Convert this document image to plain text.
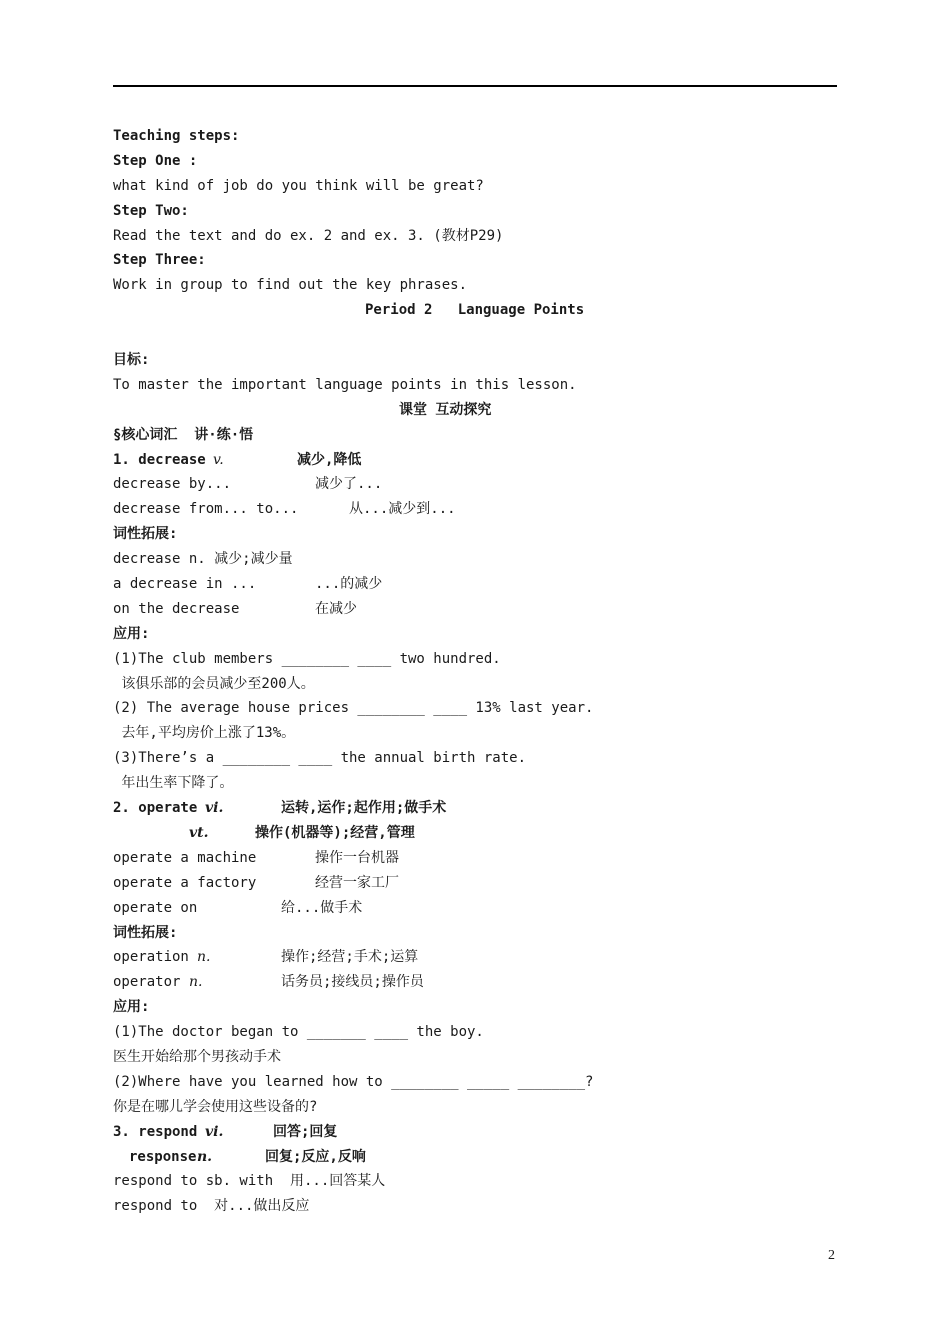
Teaching steps:
Step One :
what kind of job do you think will be great?
Step Two:
Read the text and do ex. 2 and ex. 3. (教材P29)
Step Three:
Work in group to find out the key phrases.
Period 2   Language Points
目标:
To master the important language points in this lesson.
课堂 互动探究
§核心词汇  讲·练·悟
1. decrease v.	减少,降低
decrease by...	减少了...
decrease from... to...	从...减少到...
词性拓展:
decrease n. 减少;减少量
a decrease in ...	...的减少
on the decrease	在减少
应用:
(1)The club members ________ ____ two hundred.
该俱乐部的会员减少至200人。
(2) The average house prices ________ ____ 13% last year.
去年,平均房价上涨了13%。
(3)There’s a ________ ____ the annual birth rate.
年出生率下降了。
2. operate vi.	运转,运作;起作用;做手术
vt.	操作(机器等);经营,管理
operate a machine	操作一台机器
operate a factory	经营一家工厂
operate on	给...做手术
词性拓展:
operation n.	操作;经营;手术;运算
operator n.	话务员;接线员;操作员
应用:
(1)The doctor began to _______ ____ the boy.
医生开始给那个男孩动手术
(2)Where have you learned how to ________ _____ ________?
你是在哪儿学会使用这些设备的?
3. respond vi.	回答;回复
responsen.	回复;反应,反响
respond to sb. with  用...回答某人
respond to  对...做出反应
2
